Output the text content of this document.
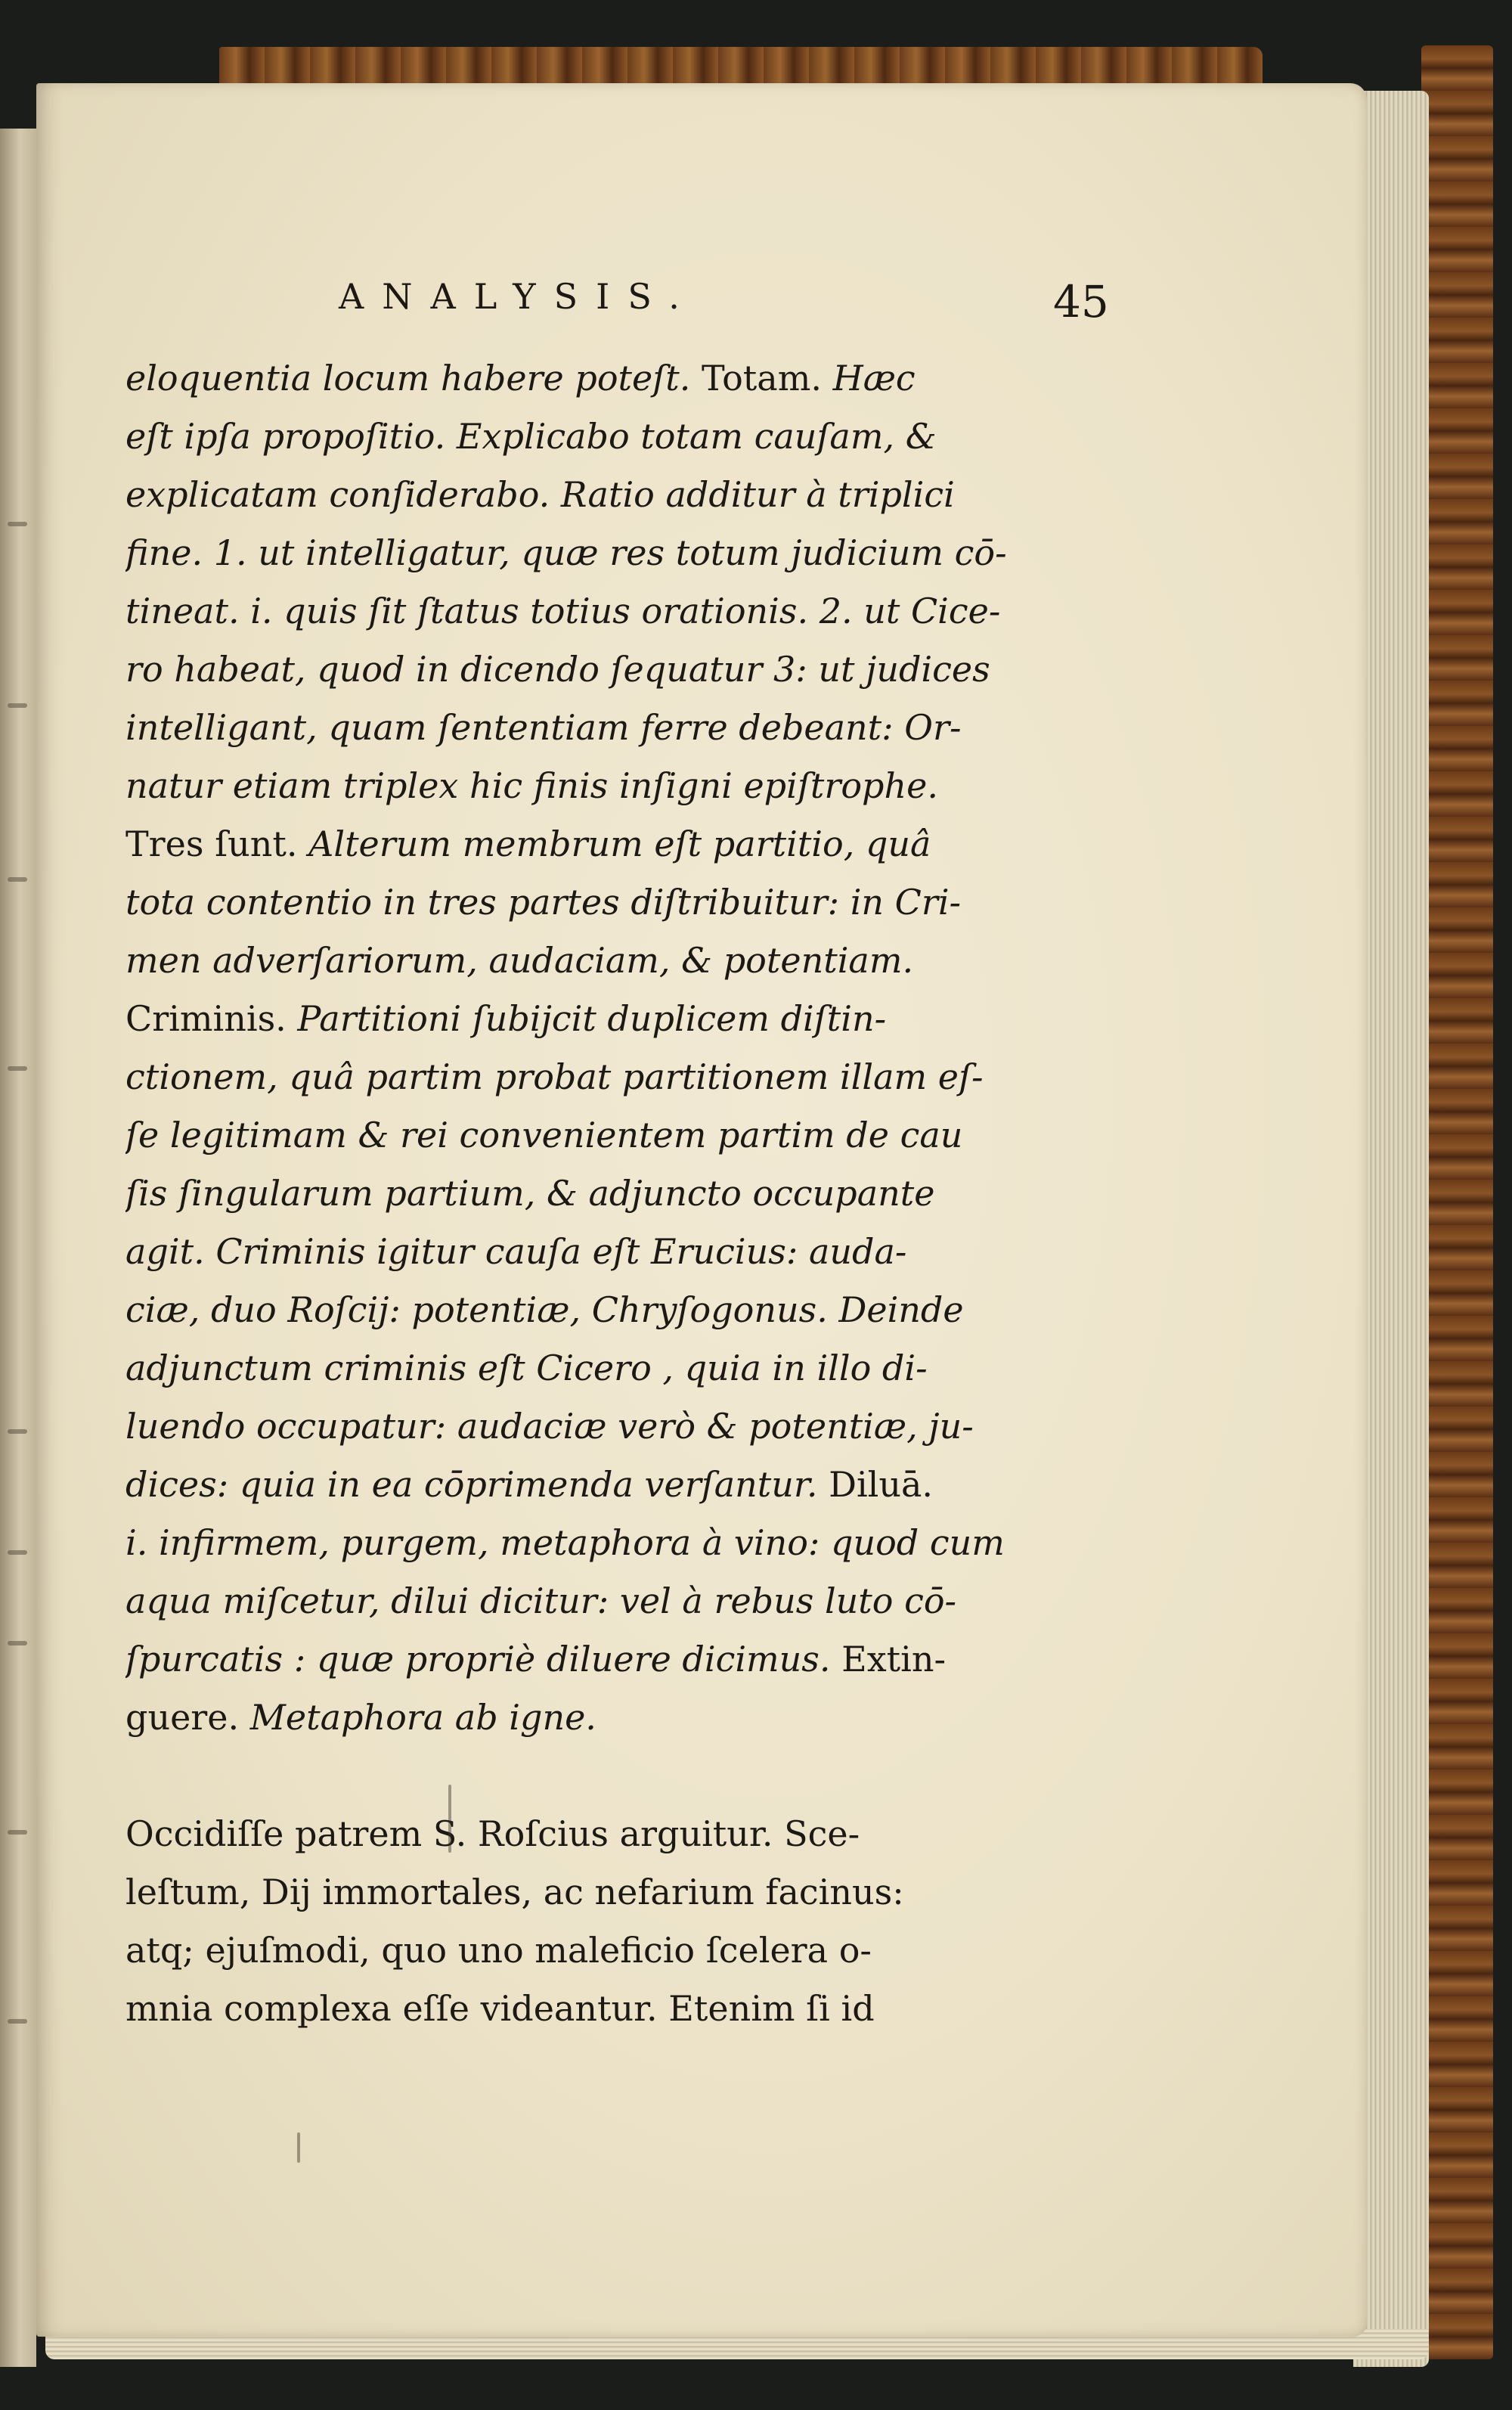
ANALYSIS.	45
eloquentia locum habere poteſt. Totam. Hæc
eſt ipſa propoſitio. Explicabo totam cauſam, &
explicatam conſiderabo. Ratio additur à triplici
fine. 1. ut intelligatur, quæ res totum judicium cō-
tineat. i. quis ſit ſtatus totius orationis. 2. ut Cice-
ro habeat, quod in dicendo ſequatur 3: ut judices
intelligant, quam ſententiam ferre debeant: Or-
natur etiam triplex hic finis inſigni epiſtrophe.
Tres ſunt. Alterum membrum eſt partitio, quâ
tota contentio in tres partes diſtribuitur: in Cri-
men adverſariorum, audaciam, & potentiam.
Criminis. Partitioni ſubijcit duplicem diſtin-
ctionem, quâ partim probat partitionem illam eſ-
ſe legitimam & rei convenientem partim de cau
ſis ſingularum partium, & adjuncto occupante
agit. Criminis igitur cauſa eſt Erucius: auda-
ciæ, duo Roſcij: potentiæ, Chryſogonus. Deinde
adjunctum criminis eſt Cicero , quia in illo di-
luendo occupatur: audaciæ verò & potentiæ, ju-
dices: quia in ea cōprimenda verſantur. Diluā.
i. infirmem, purgem, metaphora à vino: quod cum
aqua miſcetur, dilui dicitur: vel à rebus luto cō-
ſpurcatis : quæ propriè diluere dicimus. Extin-
guere. Metaphora ab igne.
Occidiſſe patrem S. Roſcius arguitur. Sce-
leſtum, Dij immortales, ac nefarium facinus:
atq; ejuſmodi, quo uno maleficio ſcelera o-
mnia complexa eſſe videantur. Etenim ſi id
